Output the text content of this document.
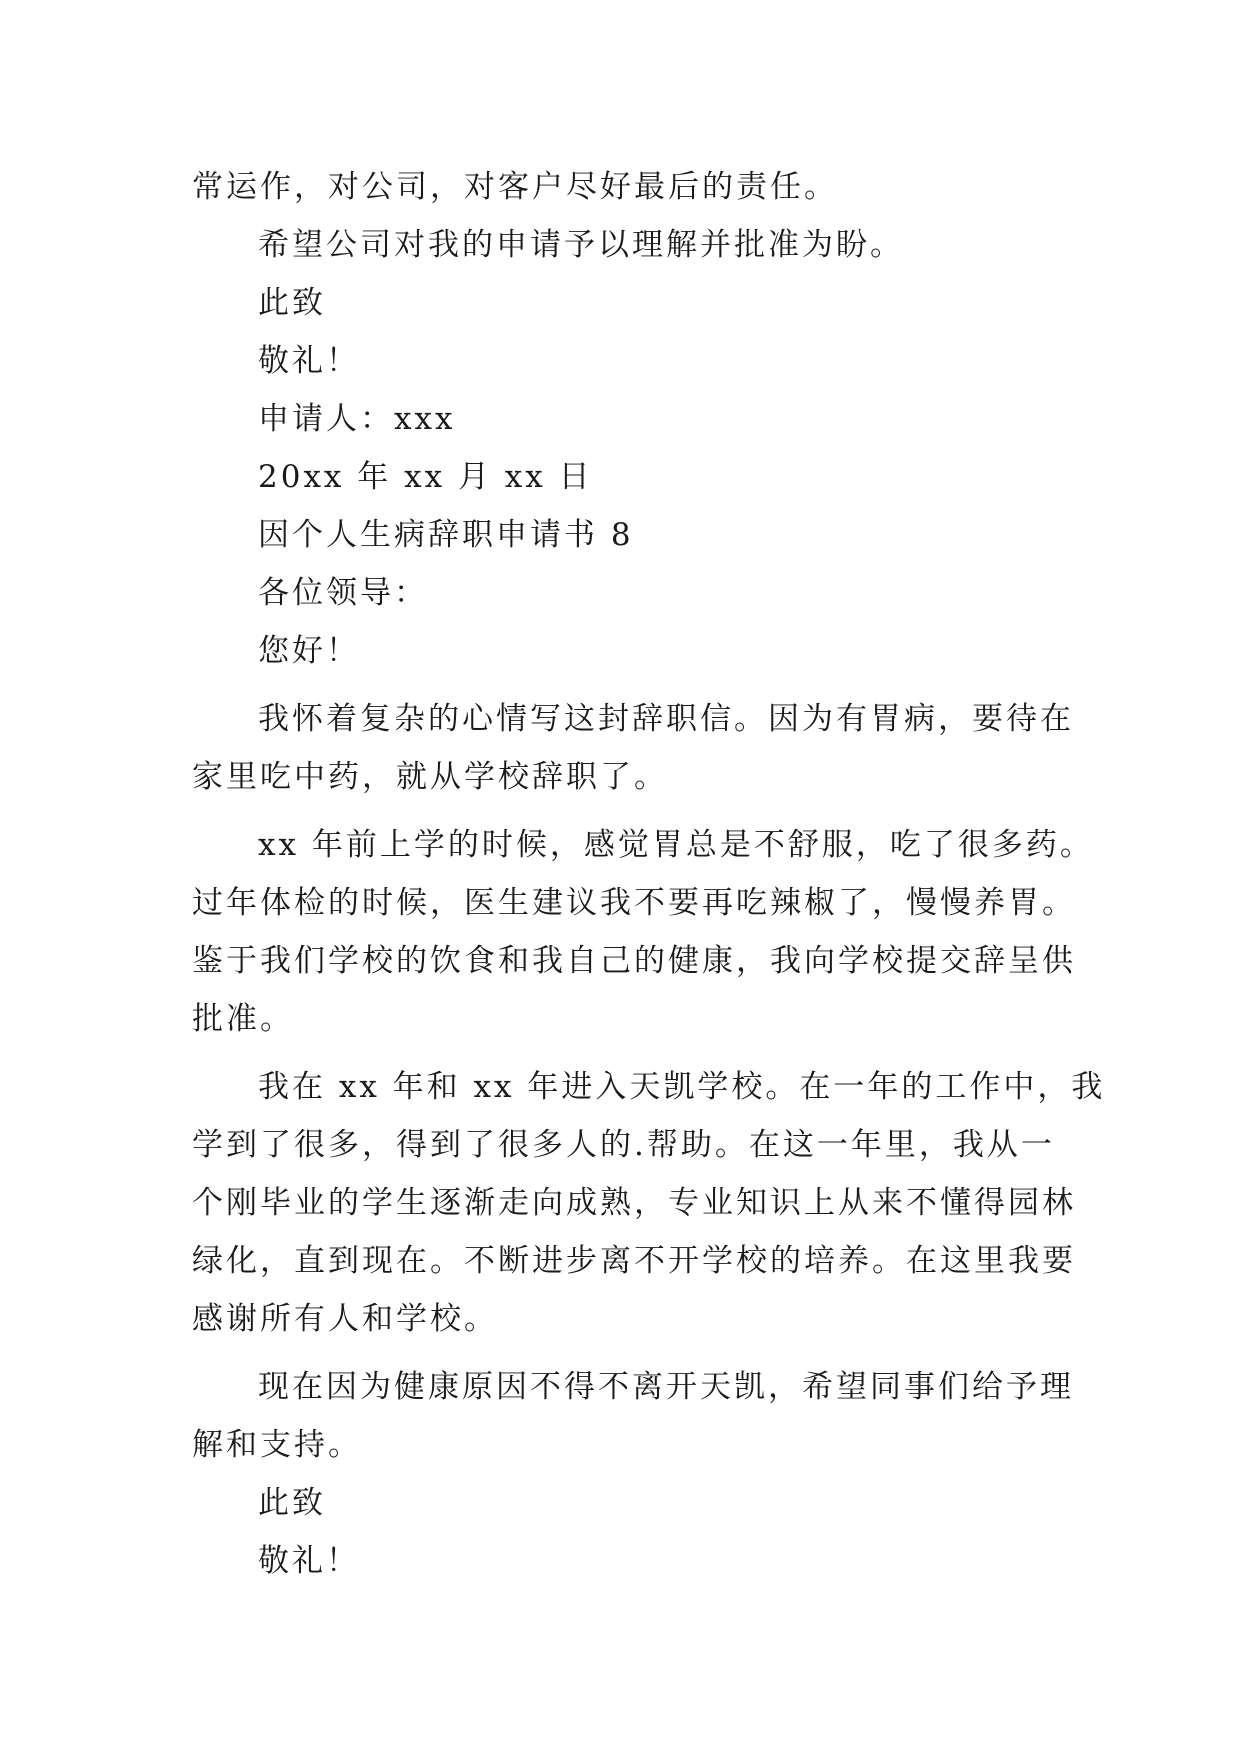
常运作，对公司，对客户尽好最后的责任。
希望公司对我的申请予以理解并批准为盼。
此致
敬礼！
申请人：xxx
20xx 年 xx 月 xx 日
因个人生病辞职申请书 8
各位领导：
您好！
我怀着复杂的心情写这封辞职信。因为有胃病，要待在
家里吃中药，就从学校辞职了。
xx 年前上学的时候，感觉胃总是不舒服，吃了很多药。
过年体检的时候，医生建议我不要再吃辣椒了，慢慢养胃。
鉴于我们学校的饮食和我自己的健康，我向学校提交辞呈供
批准。
我在 xx 年和 xx 年进入天凯学校。在一年的工作中，我
学到了很多，得到了很多人的.帮助。在这一年里，我从一
个刚毕业的学生逐渐走向成熟，专业知识上从来不懂得园林
绿化，直到现在。不断进步离不开学校的培养。在这里我要
感谢所有人和学校。
现在因为健康原因不得不离开天凯，希望同事们给予理
解和支持。
此致
敬礼！
